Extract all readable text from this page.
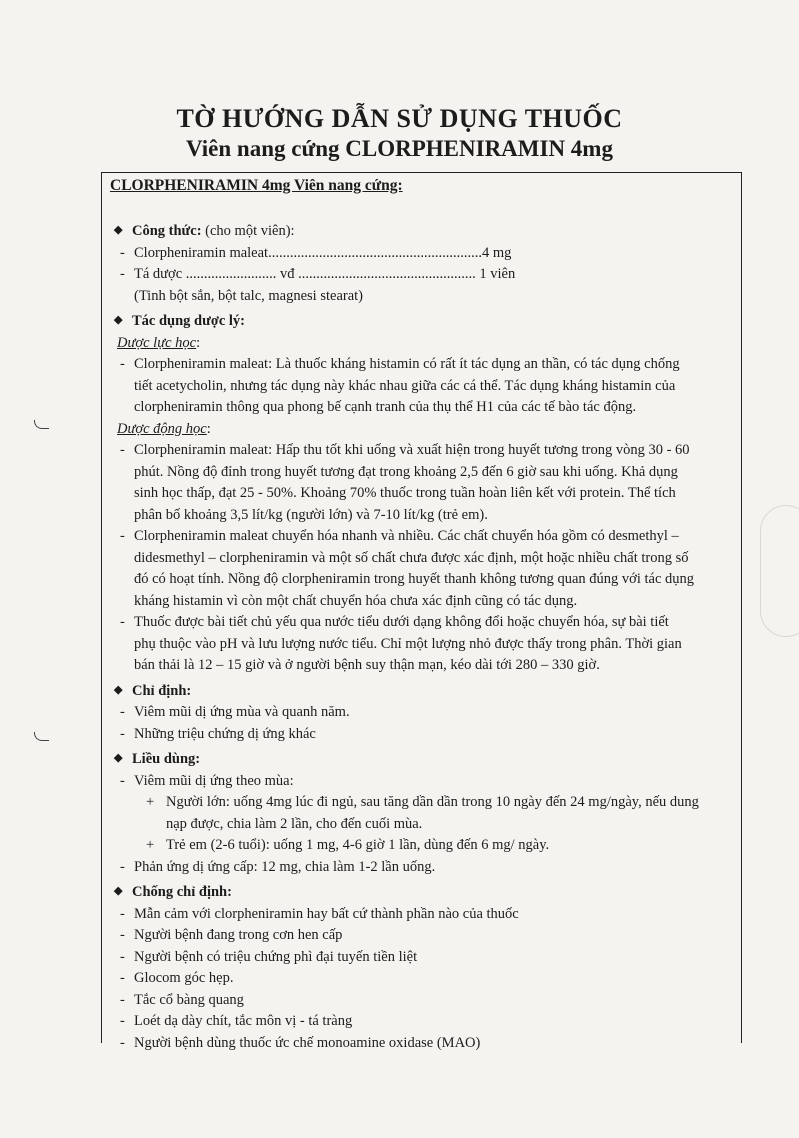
TỜ HƯỚNG DẪN SỬ DỤNG THUỐC
Viên nang cứng CLORPHENIRAMIN 4mg
CLORPHENIRAMIN 4mg Viên nang cứng:
◆ Công thức: (cho một viên):
- Clorpheniramin maleat...........................................................4 mg
- Tá dược ......................... vđ ................................................. 1 viên
(Tinh bột sắn, bột talc, magnesi stearat)
◆ Tác dụng dược lý:
Dược lực học:
- Clorpheniramin maleat: Là thuốc kháng histamin có rất ít tác dụng an thần, có tác dụng chống
tiết acetycholin, nhưng tác dụng này khác nhau giữa các cá thể. Tác dụng kháng histamin của
clorpheniramin thông qua phong bế cạnh tranh của thụ thể H1 của các tế bào tác động.
Dược động học:
- Clorpheniramin maleat: Hấp thu tốt khi uống và xuất hiện trong huyết tương trong vòng 30 - 60
phút. Nồng độ đỉnh trong huyết tương đạt trong khoảng 2,5 đến 6 giờ sau khi uống. Khả dụng
sinh học thấp, đạt 25 - 50%. Khoảng 70% thuốc trong tuần hoàn liên kết với protein. Thể tích
phân bố khoảng 3,5 lít/kg (người lớn) và 7-10 lít/kg (trẻ em).
- Clorpheniramin maleat chuyển hóa nhanh và nhiều. Các chất chuyển hóa gồm có desmethyl –
didesmethyl – clorpheniramin và một số chất chưa được xác định, một hoặc nhiều chất trong số
đó có hoạt tính. Nồng độ clorpheniramin trong huyết thanh không tương quan đúng với tác dụng
kháng histamin vì còn một chất chuyển hóa chưa xác định cũng có tác dụng.
- Thuốc được bài tiết chủ yếu qua nước tiểu dưới dạng không đổi hoặc chuyển hóa, sự bài tiết
phụ thuộc vào pH và lưu lượng nước tiểu. Chỉ một lượng nhỏ được thấy trong phân. Thời gian
bán thải là 12 – 15 giờ và ở người bệnh suy thận mạn, kéo dài tới 280 – 330 giờ.
◆ Chỉ định:
- Viêm mũi dị ứng mùa và quanh năm.
- Những triệu chứng dị ứng khác
◆ Liều dùng:
- Viêm mũi dị ứng theo mùa:
+ Người lớn: uống 4mg lúc đi ngủ, sau tăng dần dần trong 10 ngày đến 24 mg/ngày, nếu dung
nạp được, chia làm 2 lần, cho đến cuối mùa.
+ Trẻ em (2-6 tuổi): uống 1 mg, 4-6 giờ 1 lần, dùng đến 6 mg/ ngày.
- Phản ứng dị ứng cấp: 12 mg, chia làm 1-2 lần uống.
◆ Chống chỉ định:
- Mẫn cảm với clorpheniramin hay bất cứ thành phần nào của thuốc
- Người bệnh đang trong cơn hen cấp
- Người bệnh có triệu chứng phì đại tuyến tiền liệt
- Glocom góc hẹp.
- Tắc cổ bàng quang
- Loét dạ dày chít, tắc môn vị - tá tràng
- Người bệnh dùng thuốc ức chế monoamine oxidase (MAO)
